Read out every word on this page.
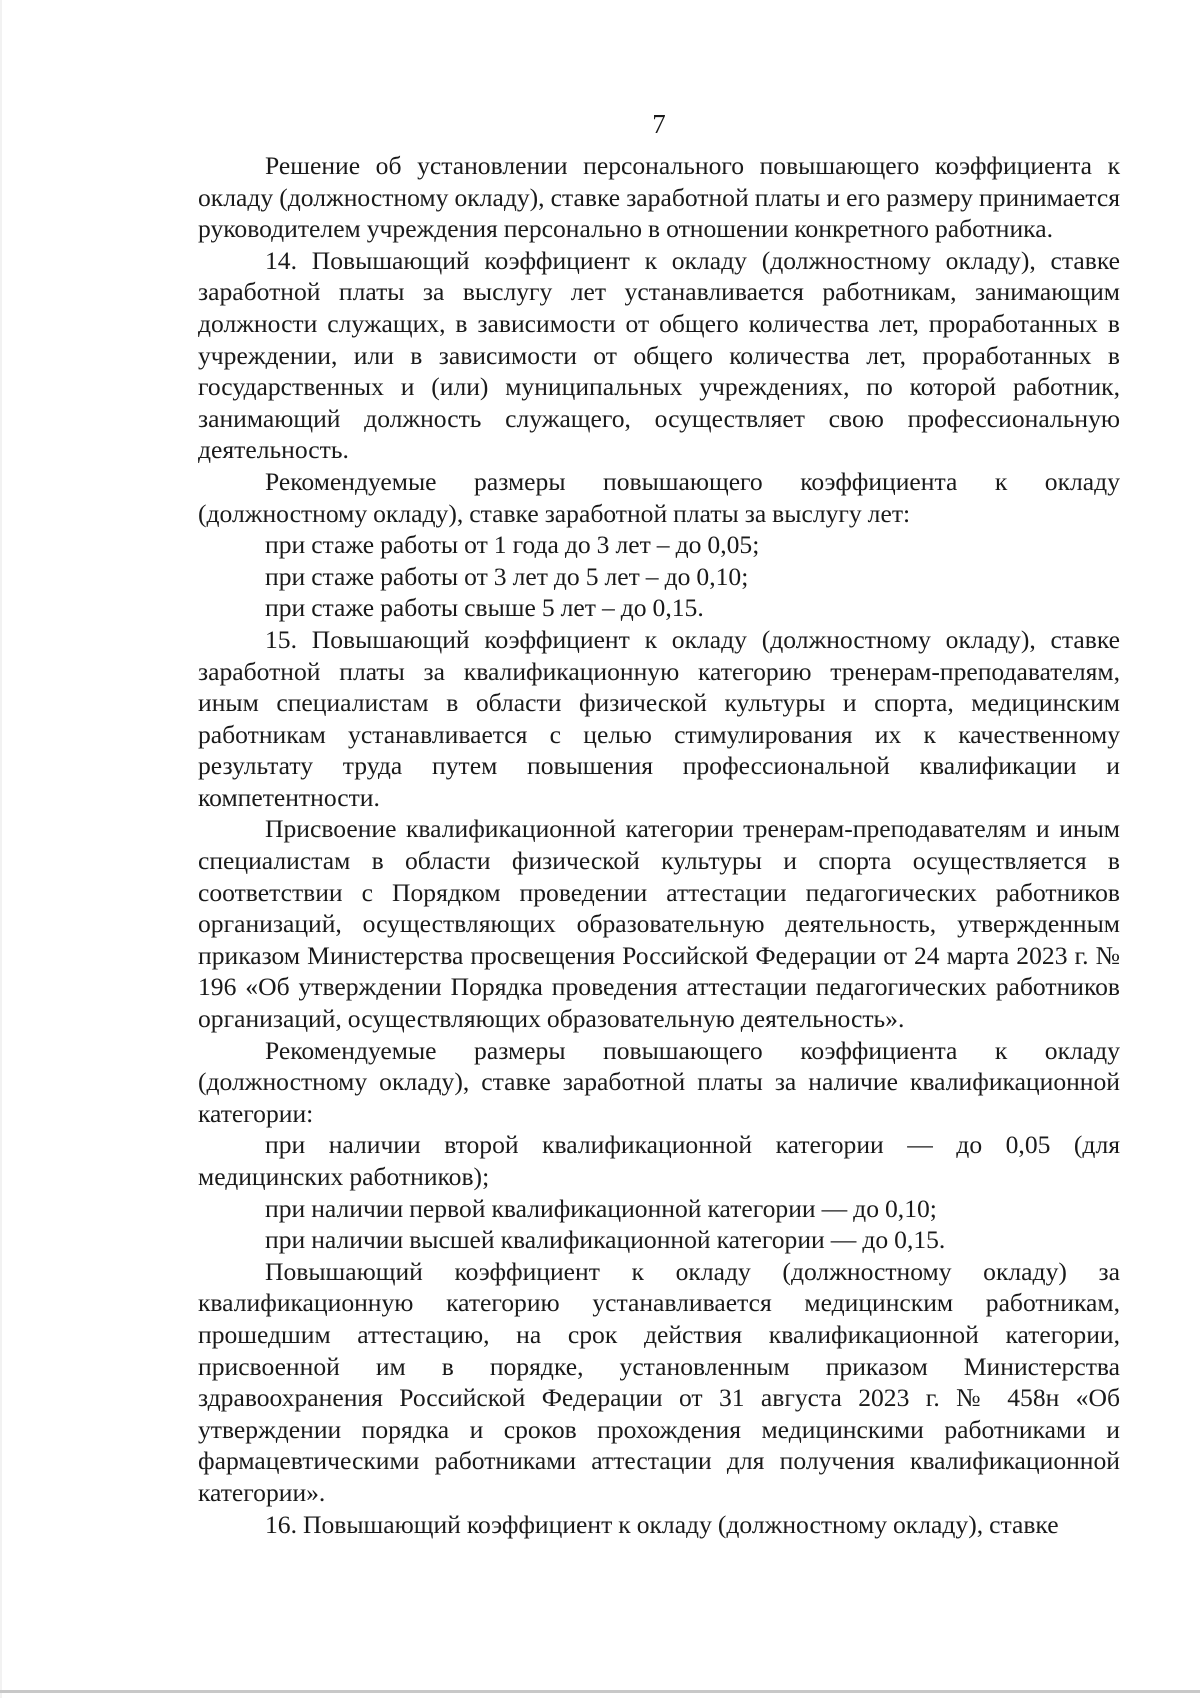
7

Решение об установлении персонального повышающего коэффициента к окладу (должностному окладу), ставке заработной платы и его размеру принимается руководителем учреждения персонально в отношении конкретного работника.

14. Повышающий коэффициент к окладу (должностному окладу), ставке заработной платы за выслугу лет устанавливается работникам, занимающим должности служащих, в зависимости от общего количества лет, проработанных в учреждении, или в зависимости от общего количества лет, проработанных в государственных и (или) муниципальных учреждениях, по которой работник, занимающий должность служащего, осуществляет свою профессиональную деятельность.

Рекомендуемые размеры повышающего коэффициента к окладу (должностному окладу), ставке заработной платы за выслугу лет:

при стаже работы от 1 года до 3 лет – до 0,05;

при стаже работы от 3 лет до 5 лет – до 0,10;

при стаже работы свыше 5 лет – до 0,15.

15. Повышающий коэффициент к окладу (должностному окладу), ставке заработной платы за квалификационную категорию тренерам-преподавателям, иным специалистам в области физической культуры и спорта, медицинским работникам устанавливается с целью стимулирования их к качественному результату труда путем повышения профессиональной квалификации и компетентности.

Присвоение квалификационной категории тренерам-преподавателям и иным специалистам в области физической культуры и спорта осуществляется в соответствии с Порядком проведении аттестации педагогических работников организаций, осуществляющих образовательную деятельность, утвержденным приказом Министерства просвещения Российской Федерации от 24 марта 2023 г. № 196 «Об утверждении Порядка проведения аттестации педагогических работников организаций, осуществляющих образовательную деятельность».

Рекомендуемые размеры повышающего коэффициента к окладу (должностному окладу), ставке заработной платы за наличие квалификационной категории:

при наличии второй квалификационной категории — до 0,05 (для медицинских работников);

при наличии первой квалификационной категории — до 0,10;

при наличии высшей квалификационной категории — до 0,15.

Повышающий коэффициент к окладу (должностному окладу) за квалификационную категорию устанавливается медицинским работникам, прошедшим аттестацию, на срок действия квалификационной категории, присвоенной им в порядке, установленным приказом Министерства здравоохранения Российской Федерации от 31 августа 2023 г. № 458н «Об утверждении порядка и сроков прохождения медицинскими работниками и фармацевтическими работниками аттестации для получения квалификационной категории».

16. Повышающий коэффициент к окладу (должностному окладу), ставке
